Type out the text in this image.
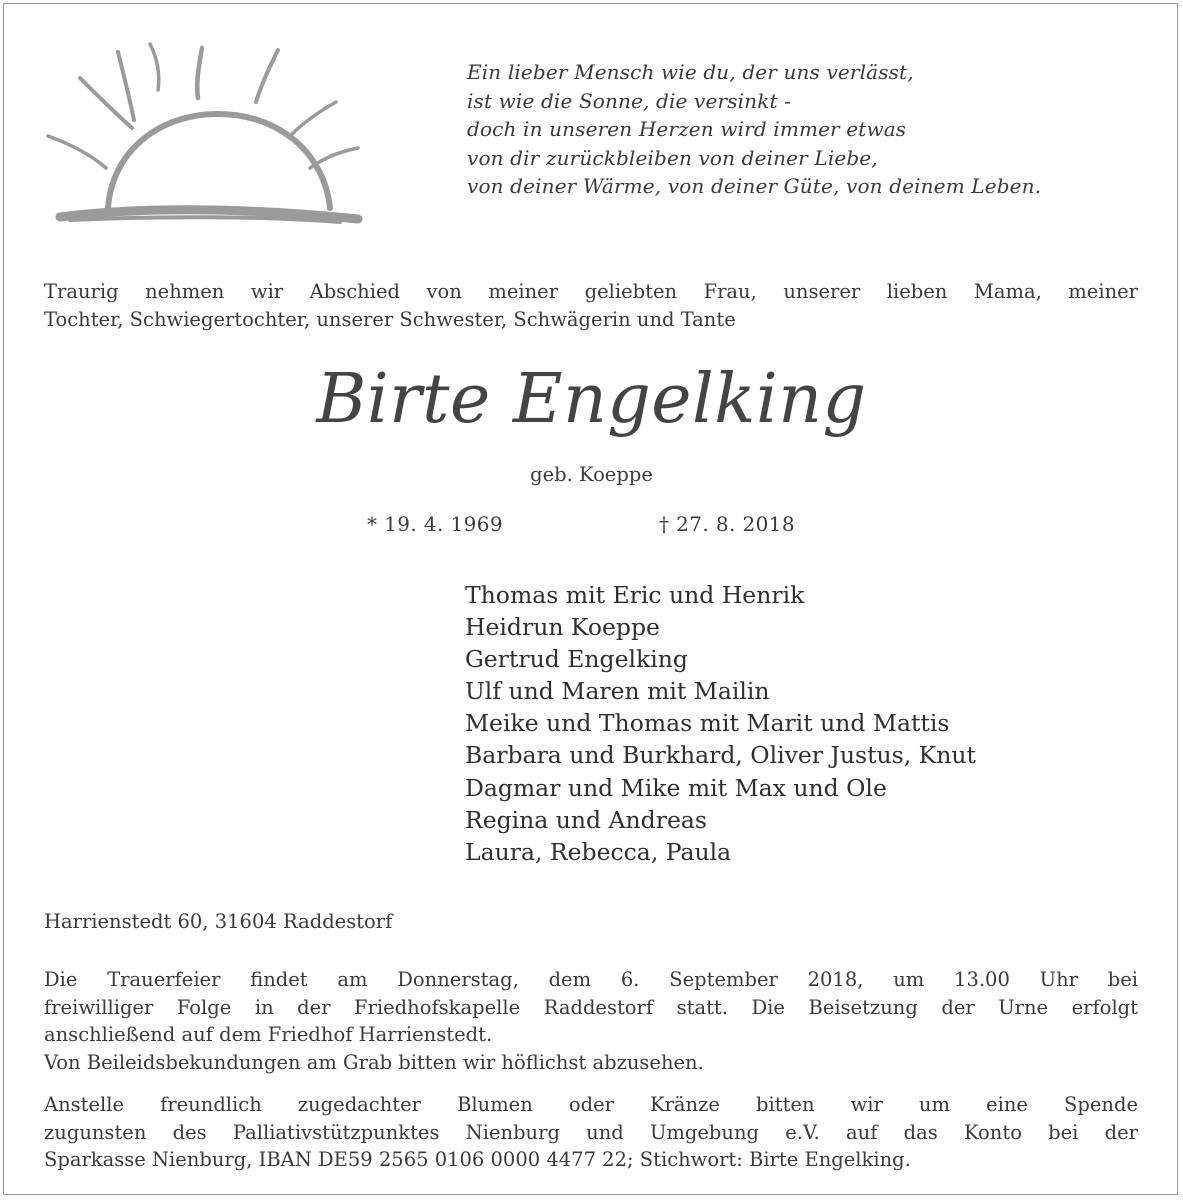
Ein lieber Mensch wie du, der uns verlässt,
ist wie die Sonne, die versinkt -
doch in unseren Herzen wird immer etwas
von dir zurückbleiben von deiner Liebe,
von deiner Wärme, von deiner Güte, von deinem Leben.
Traurig nehmen wir Abschied von meiner geliebten Frau, unserer lieben Mama, meiner
Tochter, Schwiegertochter, unserer Schwester, Schwägerin und Tante
Birte Engelking
geb. Koeppe
* 19. 4. 1969	† 27. 8. 2018
Thomas mit Eric und Henrik
Heidrun Koeppe
Gertrud Engelking
Ulf und Maren mit Mailin
Meike und Thomas mit Marit und Mattis
Barbara und Burkhard, Oliver Justus, Knut
Dagmar und Mike mit Max und Ole
Regina und Andreas
Laura, Rebecca, Paula
Harrienstedt 60, 31604 Raddestorf
Die Trauerfeier findet am Donnerstag, dem 6. September 2018, um 13.00 Uhr bei
freiwilliger Folge in der Friedhofskapelle Raddestorf statt. Die Beisetzung der Urne erfolgt
anschließend auf dem Friedhof Harrienstedt.
Von Beileidsbekundungen am Grab bitten wir höflichst abzusehen.
Anstelle freundlich zugedachter Blumen oder Kränze bitten wir um eine Spende
zugunsten des Palliativstützpunktes Nienburg und Umgebung e.V. auf das Konto bei der
Sparkasse Nienburg, IBAN DE59 2565 0106 0000 4477 22; Stichwort: Birte Engelking.
